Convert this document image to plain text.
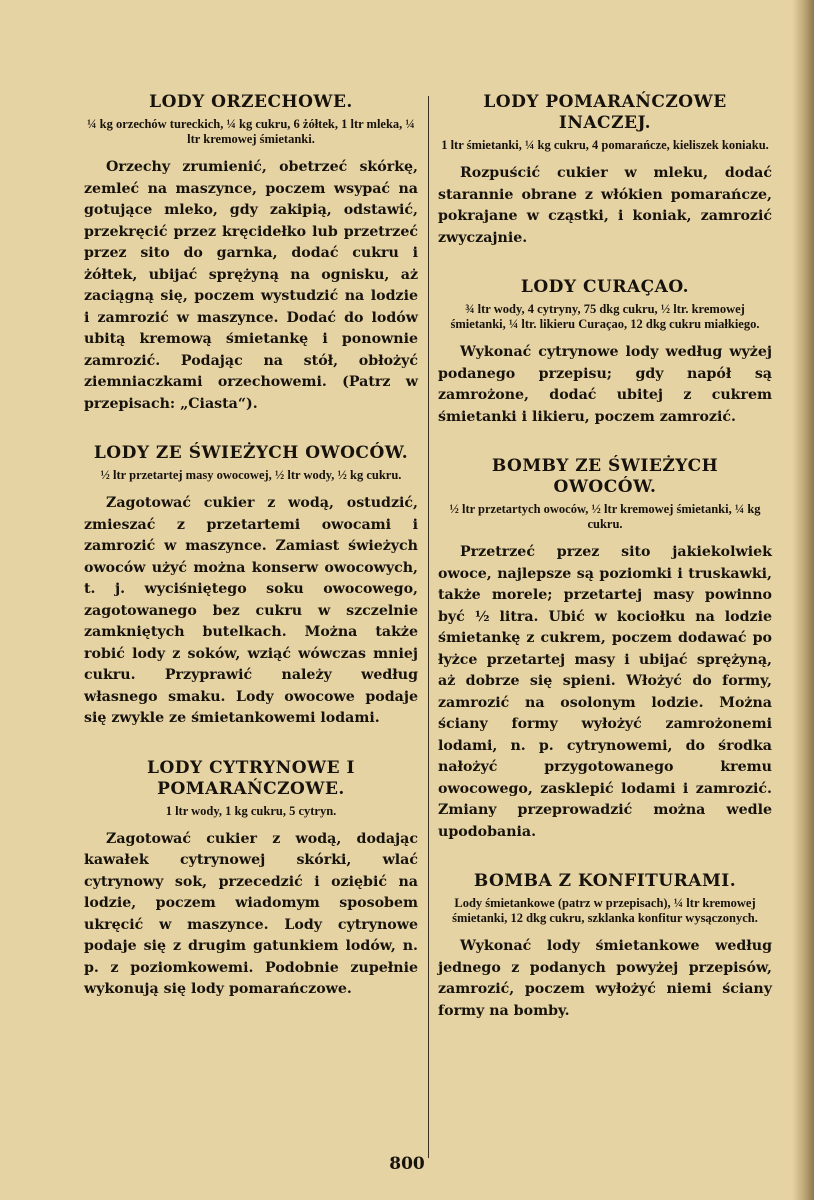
LODY ORZECHOWE.

¼ kg orzechów tureckich, ¼ kg cukru, 6 żółtek, 1 ltr mleka, ¼ ltr kremowej śmietanki.

Orzechy zrumienić, obetrzeć skórkę, zemleć na maszynce, poczem wsypać na gotujące mleko, gdy zakipią, odstawić, przekręcić przez kręcidełko lub przetrzeć przez sito do garnka, dodać cukru i żółtek, ubijać sprężyną na ognisku, aż zaciągną się, poczem wystudzić na lodzie i zamrozić w maszynce. Dodać do lodów ubitą kremową śmietankę i ponownie zamrozić. Podając na stół, obłożyć ziemniaczkami orzechowemi. (Patrz w przepisach: „Ciasta“).

LODY ZE ŚWIEŻYCH OWOCÓW.

½ ltr przetartej masy owocowej, ½ ltr wody, ½ kg cukru.

Zagotować cukier z wodą, ostudzić, zmieszać z przetartemi owocami i zamrozić w maszynce. Zamiast świeżych owoców użyć można konserw owocowych, t. j. wyciśniętego soku owocowego, zagotowanego bez cukru w szczelnie zamkniętych butelkach. Można także robić lody z soków, wziąć wówczas mniej cukru. Przyprawić należy według własnego smaku. Lody owocowe podaje się zwykle ze śmietankowemi lodami.

LODY CYTRYNOWE I POMARAŃCZOWE.

1 ltr wody, 1 kg cukru, 5 cytryn.

Zagotować cukier z wodą, dodając kawałek cytrynowej skórki, wlać cytrynowy sok, przecedzić i oziębić na lodzie, poczem wiadomym sposobem ukręcić w maszynce. Lody cytrynowe podaje się z drugim gatunkiem lodów, n. p. z poziomkowemi. Podobnie zupełnie wykonują się lody pomarańczowe.

LODY POMARAŃCZOWE INACZEJ.

1 ltr śmietanki, ¼ kg cukru, 4 pomarańcze, kieliszek koniaku.

Rozpuścić cukier w mleku, dodać starannie obrane z włókien pomarańcze, pokrajane w cząstki, i koniak, zamrozić zwyczajnie.

LODY CURAÇAO.

¾ ltr wody, 4 cytryny, 75 dkg cukru, ½ ltr. kremowej śmietanki, ¼ ltr. likieru Curaçao, 12 dkg cukru miałkiego.

Wykonać cytrynowe lody według wyżej podanego przepisu; gdy napół są zamrożone, dodać ubitej z cukrem śmietanki i likieru, poczem zamrozić.

BOMBY ZE ŚWIEŻYCH OWOCÓW.

½ ltr przetartych owoców, ½ ltr kremowej śmietanki, ¼ kg cukru.

Przetrzeć przez sito jakiekolwiek owoce, najlepsze są poziomki i truskawki, także morele; przetartej masy powinno być ½ litra. Ubić w kociołku na lodzie śmietankę z cukrem, poczem dodawać po łyżce przetartej masy i ubijać sprężyną, aż dobrze się spieni. Włożyć do formy, zamrozić na osolonym lodzie. Można ściany formy wyłożyć zamrożonemi lodami, n. p. cytrynowemi, do środka nałożyć przygotowanego kremu owocowego, zasklepić lodami i zamrozić. Zmiany przeprowadzić można wedle upodobania.

BOMBA Z KONFITURAMI.

Lody śmietankowe (patrz w przepisach), ¼ ltr kremowej śmietanki, 12 dkg cukru, szklanka konfitur wysączonych.

Wykonać lody śmietankowe według jednego z podanych powyżej przepisów, zamrozić, poczem wyłożyć niemi ściany formy na bomby.

800
